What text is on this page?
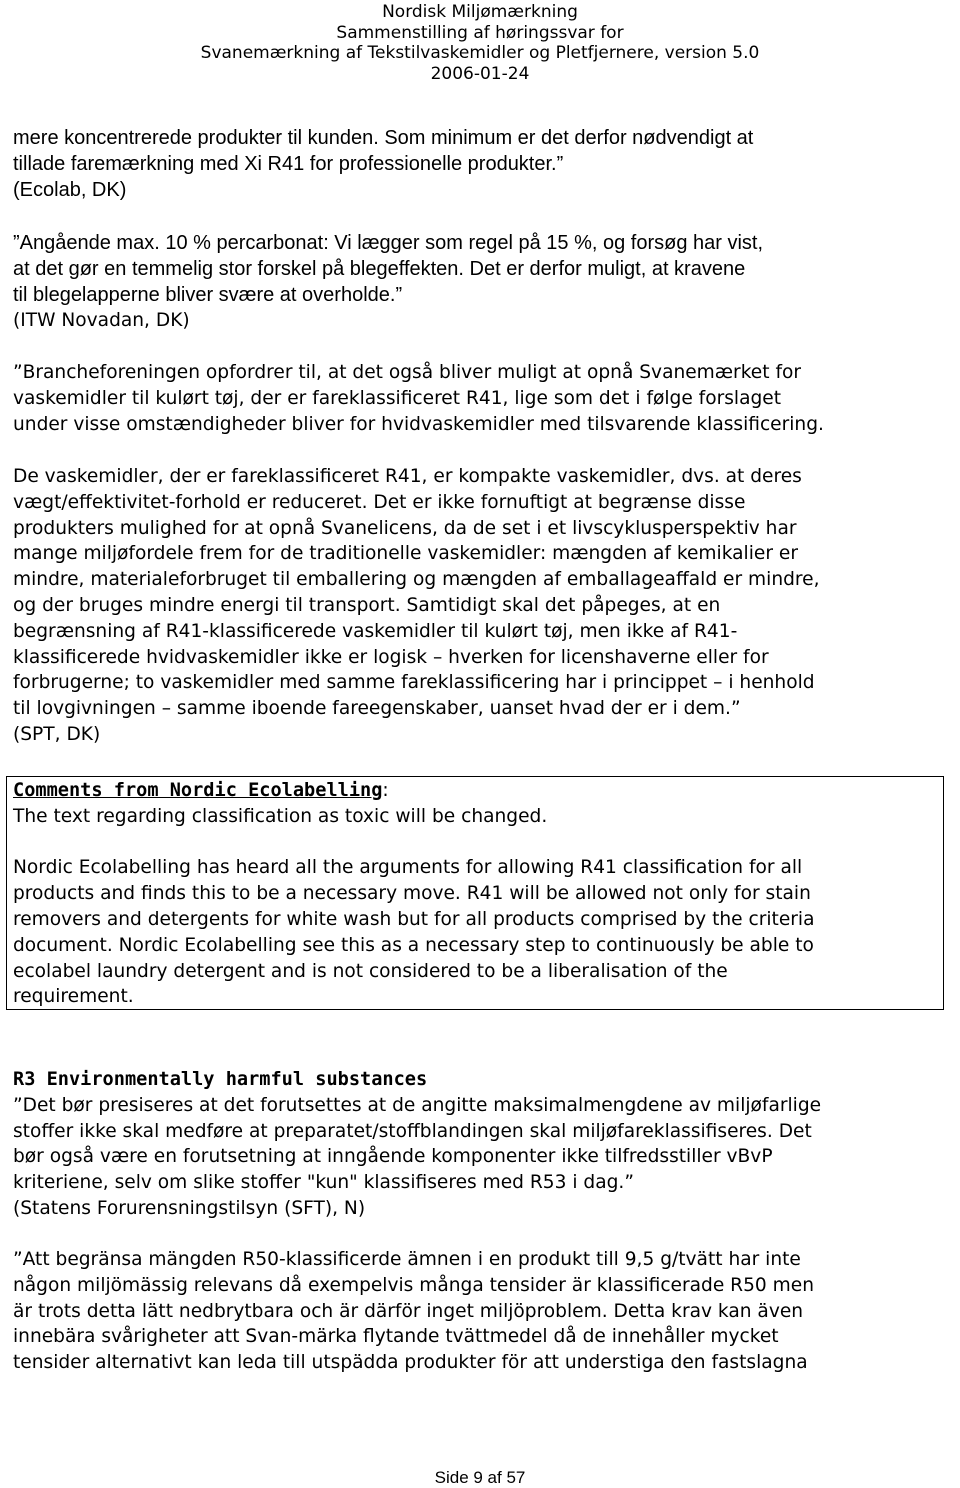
Nordisk Miljømærkning
Sammenstilling af høringssvar for
Svanemærkning af Tekstilvaskemidler og Pletfjernere, version 5.0
2006-01-24
mere koncentrerede produkter til kunden. Som minimum er det derfor nødvendigt at
tillade faremærkning med Xi R41 for professionelle produkter.”
(Ecolab, DK)
”Angående max. 10 % percarbonat: Vi lægger som regel på 15 %, og forsøg har vist,
at det gør en temmelig stor forskel på blegeffekten. Det er derfor muligt, at kravene
til blegelapperne bliver svære at overholde.”
(ITW Novadan, DK)
”Brancheforeningen opfordrer til, at det også bliver muligt at opnå Svanemærket for
vaskemidler til kulørt tøj, der er fareklassificeret R41, lige som det i følge forslaget
under visse omstændigheder bliver for hvidvaskemidler med tilsvarende klassificering.
De vaskemidler, der er fareklassificeret R41, er kompakte vaskemidler, dvs. at deres
vægt/effektivitet-forhold er reduceret. Det er ikke fornuftigt at begrænse disse
produkters mulighed for at opnå Svanelicens, da de set i et livscyklusperspektiv har
mange miljøfordele frem for de traditionelle vaskemidler: mængden af kemikalier er
mindre, materialeforbruget til emballering og mængden af emballageaffald er mindre,
og der bruges mindre energi til transport. Samtidigt skal det påpeges, at en
begrænsning af R41-klassificerede vaskemidler til kulørt tøj, men ikke af R41-
klassificerede hvidvaskemidler ikke er logisk – hverken for licenshaverne eller for
forbrugerne; to vaskemidler med samme fareklassificering har i princippet – i henhold
til lovgivningen – samme iboende fareegenskaber, uanset hvad der er i dem.”
(SPT, DK)
Comments from Nordic Ecolabelling:
The text regarding classification as toxic will be changed.

Nordic Ecolabelling has heard all the arguments for allowing R41 classification for all
products and finds this to be a necessary move. R41 will be allowed not only for stain
removers and detergents for white wash but for all products comprised by the criteria
document. Nordic Ecolabelling see this as a necessary step to continuously be able to
ecolabel laundry detergent and is not considered to be a liberalisation of the
requirement.
R3 Environmentally harmful substances
”Det bør presiseres at det forutsettes at de angitte maksimalmengdene av miljøfarlige
stoffer ikke skal medføre at preparatet/stoffblandingen skal miljøfareklassifiseres. Det
bør også være en forutsetning at inngående komponenter ikke tilfredsstiller vBvP
kriteriene, selv om slike stoffer "kun" klassifiseres med R53 i dag.”
(Statens Forurensningstilsyn (SFT), N)
”Att begränsa mängden R50-klassificerde ämnen i en produkt till 9,5 g/tvätt har inte
någon miljömässig relevans då exempelvis många tensider är klassificerade R50 men
är trots detta lätt nedbrytbara och är därför inget miljöproblem. Detta krav kan även
innebära svårigheter att Svan-märka flytande tvättmedel då de innehåller mycket
tensider alternativt kan leda till utspädda produkter för att understiga den fastslagna
Side 9 af 57
